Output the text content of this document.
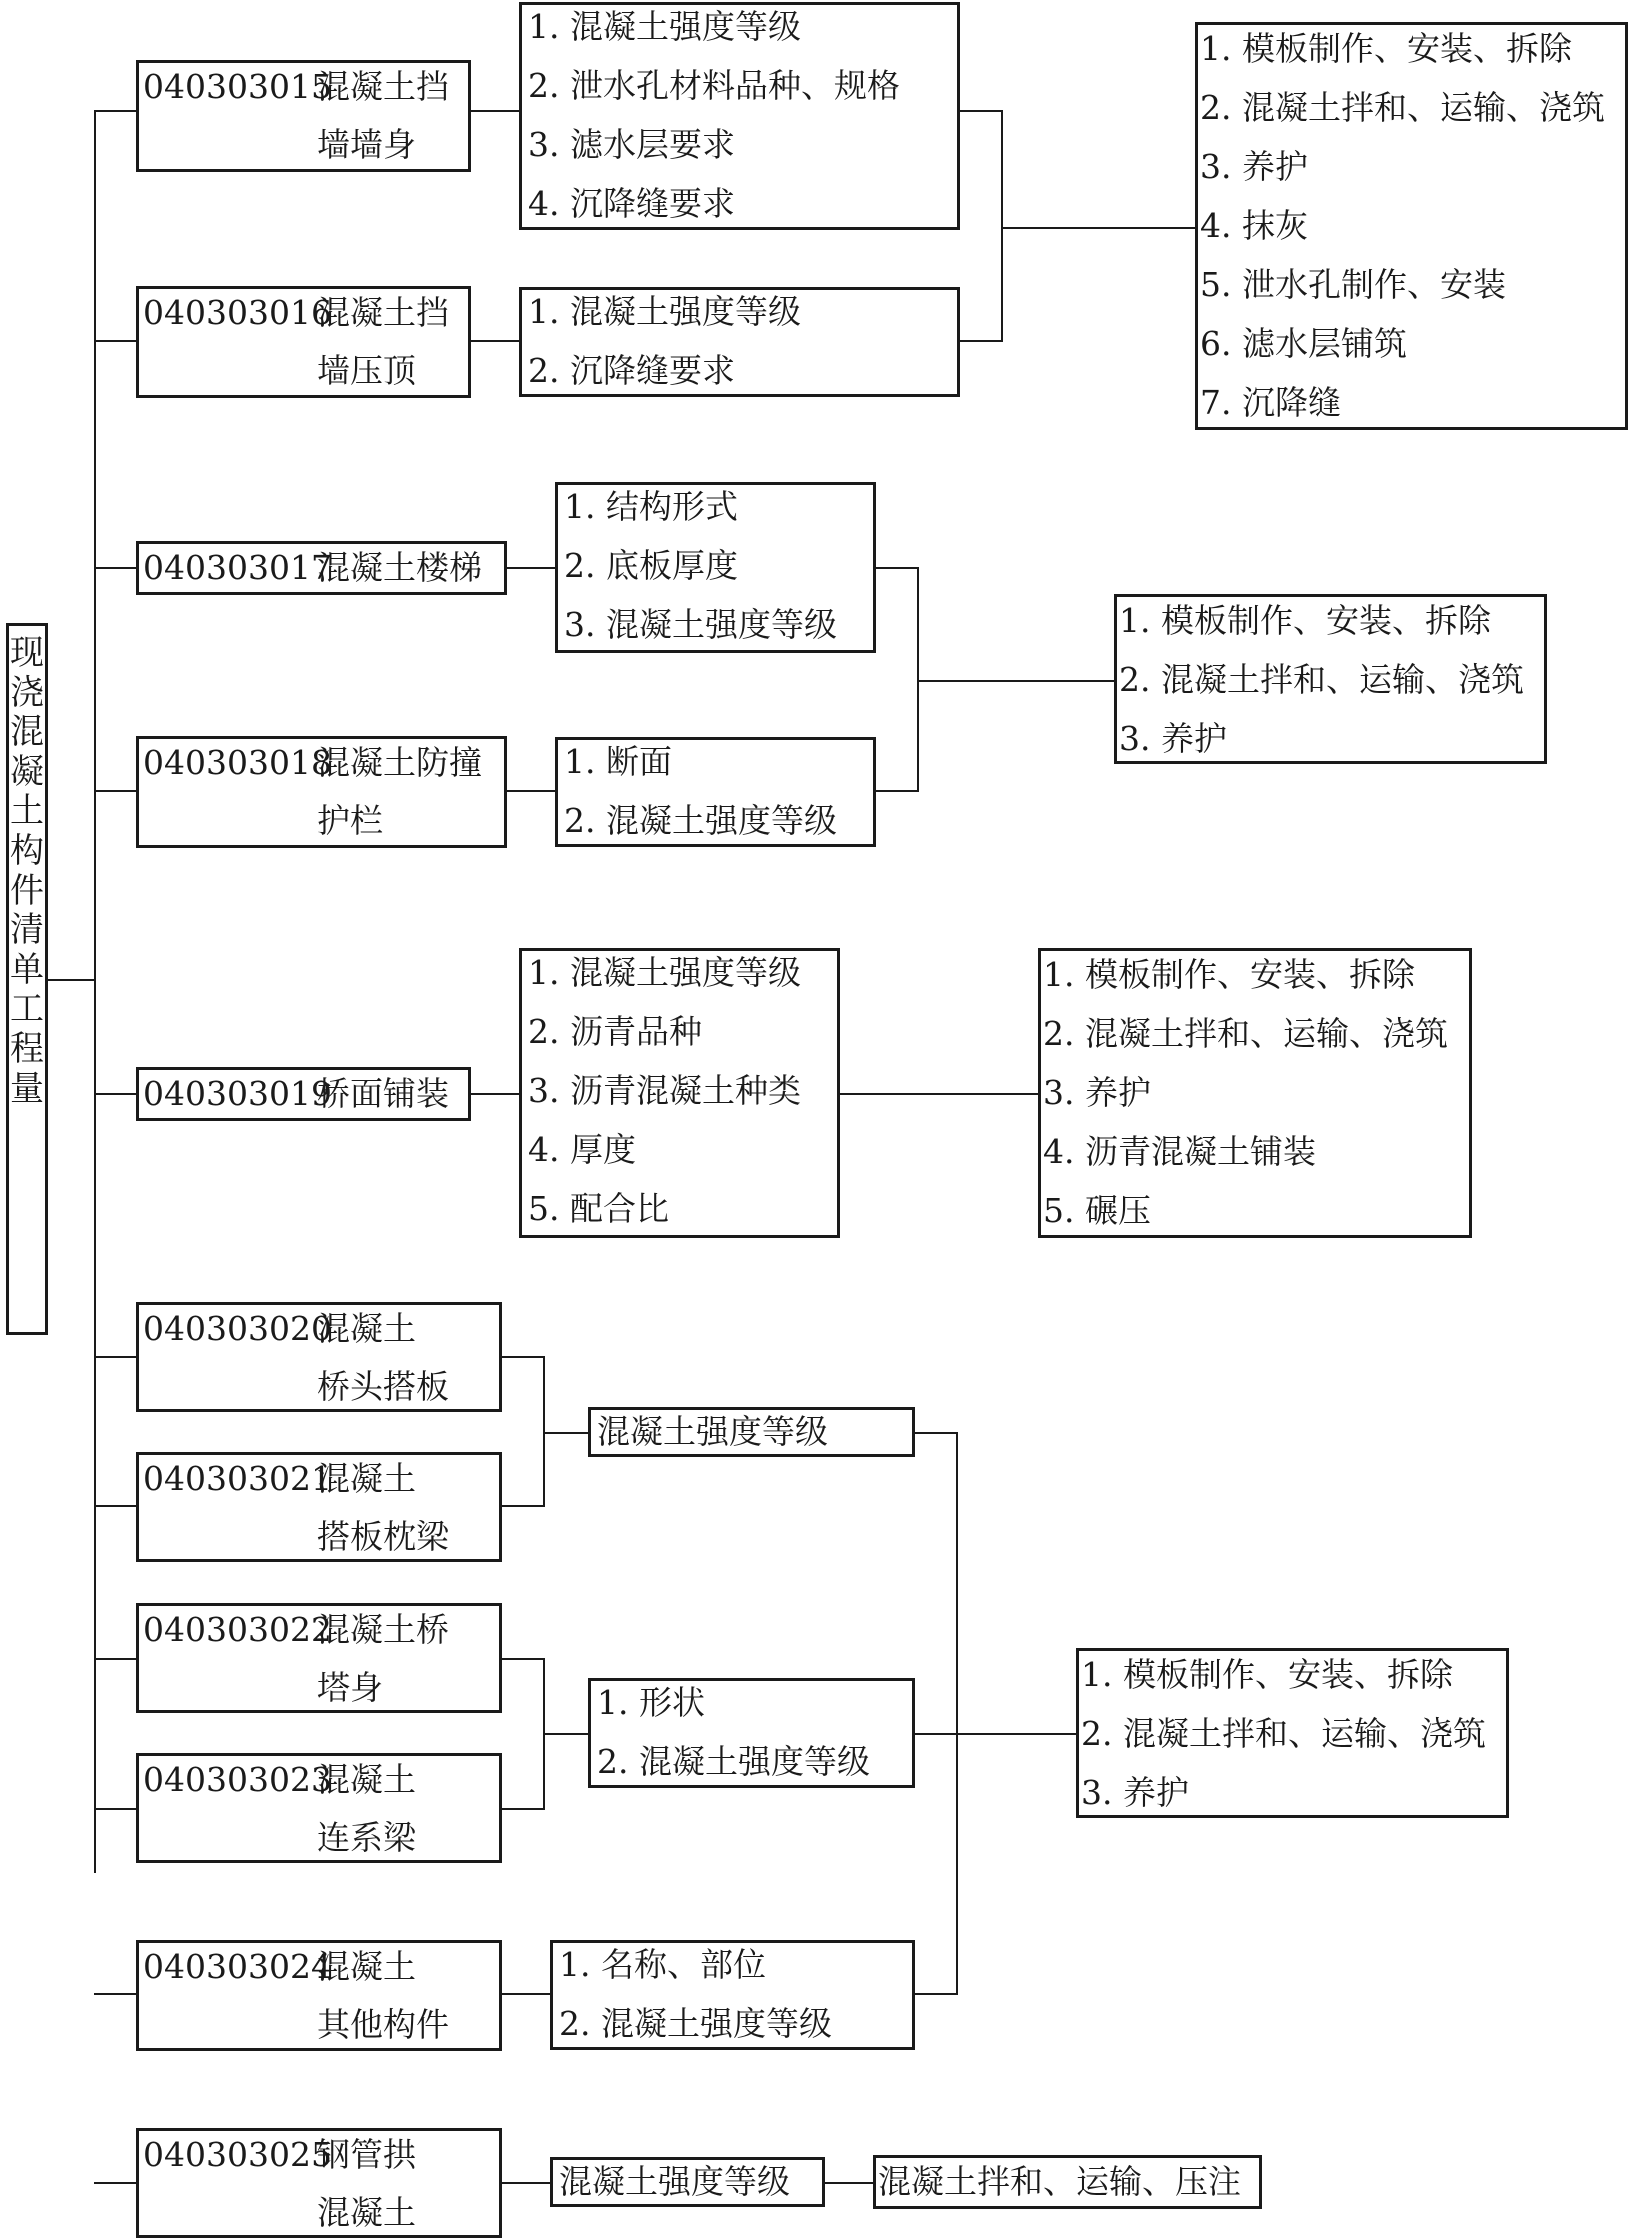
现
浇
混
凝
土
构
件
清
单
工
程
量
040303015
混凝土挡
墙墙身
040303016
混凝土挡
墙压顶
040303017
混凝土楼梯
040303018
混凝土防撞
护栏
040303019
桥面铺装
040303020
混凝土
桥头搭板
040303021
混凝土
搭板枕梁
040303022
混凝土桥
塔身
040303023
混凝土
连系梁
040303024
混凝土
其他构件
040303025
钢管拱
混凝土
1. 混凝土强度等级
2. 泄水孔材料品种、规格
3. 滤水层要求
4. 沉降缝要求
1. 混凝土强度等级
2. 沉降缝要求
1. 结构形式
2. 底板厚度
3. 混凝土强度等级
1. 断面
2. 混凝土强度等级
1. 混凝土强度等级
2. 沥青品种
3. 沥青混凝土种类
4. 厚度
5. 配合比
混凝土强度等级
1. 形状
2. 混凝土强度等级
1. 名称、部位
2. 混凝土强度等级
混凝土强度等级
1. 模板制作、安装、拆除
2. 混凝土拌和、运输、浇筑
3. 养护
4. 抹灰
5. 泄水孔制作、安装
6. 滤水层铺筑
7. 沉降缝
1. 模板制作、安装、拆除
2. 混凝土拌和、运输、浇筑
3. 养护
1. 模板制作、安装、拆除
2. 混凝土拌和、运输、浇筑
3. 养护
4. 沥青混凝土铺装
5. 碾压
1. 模板制作、安装、拆除
2. 混凝土拌和、运输、浇筑
3. 养护
混凝土拌和、运输、压注
